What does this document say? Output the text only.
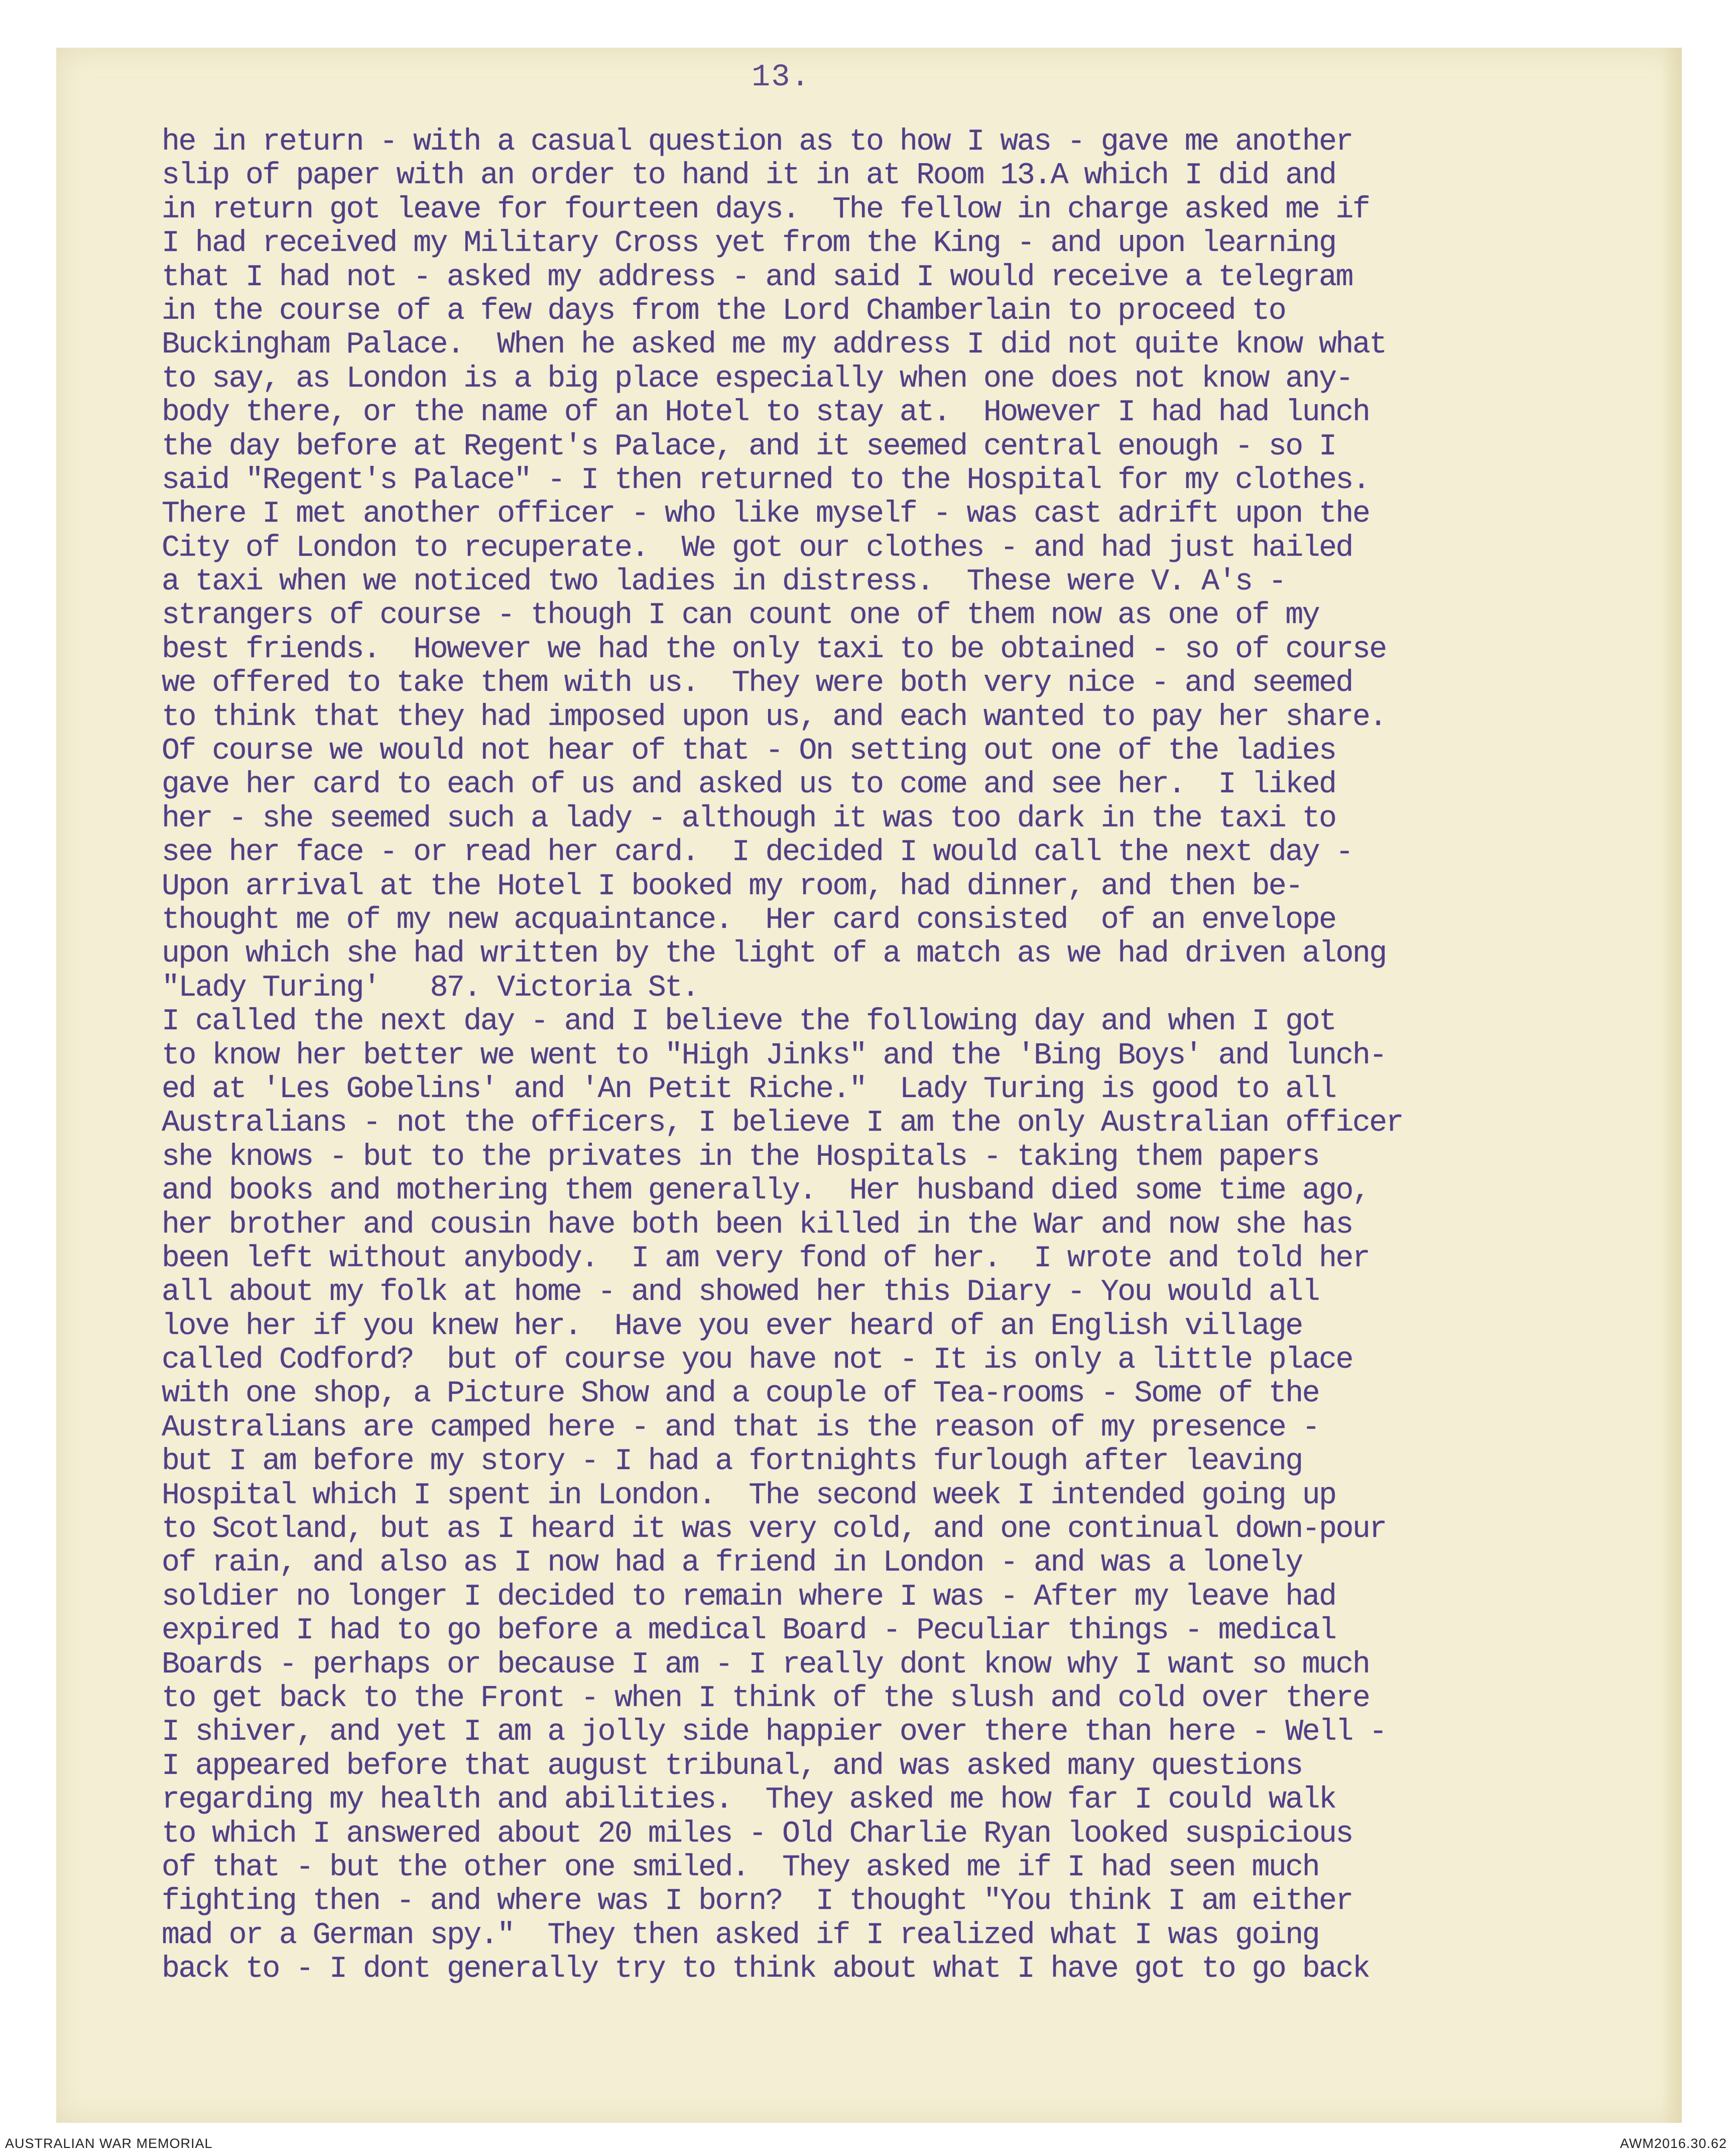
13.
he in return - with a casual question as to how I was - gave me another
slip of paper with an order to hand it in at Room 13.A which I did and
in return got leave for fourteen days.  The fellow in charge asked me if
I had received my Military Cross yet from the King - and upon learning
that I had not - asked my address - and said I would receive a telegram
in the course of a few days from the Lord Chamberlain to proceed to
Buckingham Palace.  When he asked me my address I did not quite know what
to say, as London is a big place especially when one does not know any-
body there, or the name of an Hotel to stay at.  However I had had lunch
the day before at Regent's Palace, and it seemed central enough - so I
said "Regent's Palace" - I then returned to the Hospital for my clothes.
There I met another officer - who like myself - was cast adrift upon the
City of London to recuperate.  We got our clothes - and had just hailed
a taxi when we noticed two ladies in distress.  These were V. A's -
strangers of course - though I can count one of them now as one of my
best friends.  However we had the only taxi to be obtained - so of course
we offered to take them with us.  They were both very nice - and seemed
to think that they had imposed upon us, and each wanted to pay her share.
Of course we would not hear of that - On setting out one of the ladies
gave her card to each of us and asked us to come and see her.  I liked
her - she seemed such a lady - although it was too dark in the taxi to
see her face - or read her card.  I decided I would call the next day -
Upon arrival at the Hotel I booked my room, had dinner, and then be-
thought me of my new acquaintance.  Her card consisted  of an envelope
upon which she had written by the light of a match as we had driven along
"Lady Turing'   87. Victoria St.
I called the next day - and I believe the following day and when I got
to know her better we went to "High Jinks" and the 'Bing Boys' and lunch-
ed at 'Les Gobelins' and 'An Petit Riche."  Lady Turing is good to all
Australians - not the officers, I believe I am the only Australian officer
she knows - but to the privates in the Hospitals - taking them papers
and books and mothering them generally.  Her husband died some time ago,
her brother and cousin have both been killed in the War and now she has
been left without anybody.  I am very fond of her.  I wrote and told her
all about my folk at home - and showed her this Diary - You would all
love her if you knew her.  Have you ever heard of an English village
called Codford?  but of course you have not - It is only a little place
with one shop, a Picture Show and a couple of Tea-rooms - Some of the
Australians are camped here - and that is the reason of my presence -
but I am before my story - I had a fortnights furlough after leaving
Hospital which I spent in London.  The second week I intended going up
to Scotland, but as I heard it was very cold, and one continual down-pour
of rain, and also as I now had a friend in London - and was a lonely
soldier no longer I decided to remain where I was - After my leave had
expired I had to go before a medical Board - Peculiar things - medical
Boards - perhaps or because I am - I really dont know why I want so much
to get back to the Front - when I think of the slush and cold over there
I shiver, and yet I am a jolly side happier over there than here - Well -
I appeared before that august tribunal, and was asked many questions
regarding my health and abilities.  They asked me how far I could walk
to which I answered about 20 miles - Old Charlie Ryan looked suspicious
of that - but the other one smiled.  They asked me if I had seen much
fighting then - and where was I born?  I thought "You think I am either
mad or a German spy."  They then asked if I realized what I was going
back to - I dont generally try to think about what I have got to go back
AUSTRALIAN WAR MEMORIAL	AWM2016.30.62
